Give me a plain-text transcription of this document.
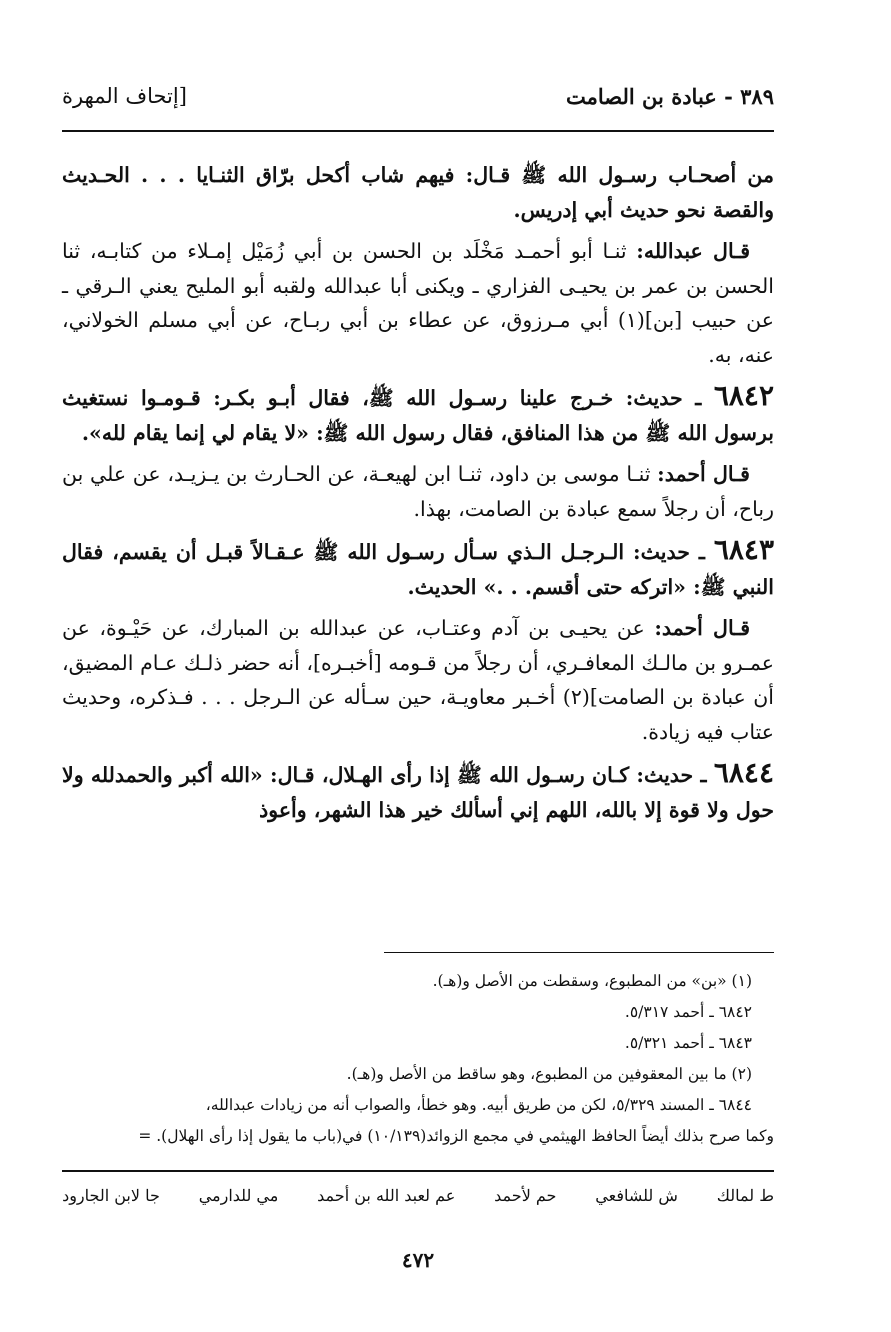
٣٨٩ - عبادة بن الصامت
[إتحاف المهرة

من أصحـاب رسـول الله ﷺ قـال: فيهم شاب أكحل برّاق الثنـايا . . . الحـديث والقصة نحو حديث أبي إدريس.

قـال عبدالله: ثنـا أبو أحمـد مَخْلَد بن الحسن بن أبي زُمَيْل إمـلاء من كتابـه، ثنا الحسن بن عمر بن يحيـى الفزاري ـ ويكنى أبا عبدالله ولقبه أبو المليح يعني الـرقي ـ عن حبيب [بن](١) أبي مـرزوق، عن عطاء بن أبي ربـاح، عن أبي مسلم الخولاني، عنه، به.

٦٨٤٢ ـ حديث: خـرج علينا رسـول الله ﷺ، فقال أبـو بكـر: قـومـوا نستغيث برسول الله ﷺ من هذا المنافق، فقال رسول الله ﷺ: «لا يقام لي إنما يقام لله».

قـال أحمد: ثنـا موسى بن داود، ثنـا ابن لهيعـة، عن الحـارث بن يـزيـد، عن علي بن رباح، أن رجلاً سمع عبادة بن الصامت، بهذا.

٦٨٤٣ ـ حديث: الـرجـل الـذي سـأل رسـول الله ﷺ عـقـالاً قبـل أن يقسم، فقال النبي ﷺ: «اتركه حتى أقسم. . .» الحديث.

قـال أحمد: عن يحيـى بن آدم وعتـاب، عن عبدالله بن المبارك، عن حَيْـوة، عن عمـرو بن مالـك المعافـري، أن رجلاً من قـومه [أخبـره]، أنه حضر ذلـك عـام المضيق، أن عبادة بن الصامت](٢) أخـبر معاويـة، حين سـأله عن الـرجل . . . فـذكره، وحديث عتاب فيه زيادة.

٦٨٤٤ ـ حديث: كـان رسـول الله ﷺ إذا رأى الهـلال، قـال: «الله أكبر والحمدلله ولا حول ولا قوة إلا بالله، اللهم إني أسألك خير هذا الشهر، وأعوذ

(١) «بن» من المطبوع، وسقطت من الأصل و(هـ).
٦٨٤٢ ـ أحمد ٥/٣١٧.
٦٨٤٣ ـ أحمد ٥/٣٢١.
(٢) ما بين المعقوفين من المطبوع، وهو ساقط من الأصل و(هـ).
٦٨٤٤ ـ المسند ٥/٣٢٩، لكن من طريق أبيه. وهو خطأ، والصواب أنه من زيادات عبدالله،
وكما صرح بذلك أيضاً الحافظ الهيثمي في مجمع الزوائد(١٠/١٣٩) في(باب ما يقول إذا رأى الهلال). =
ط لمالك
ش للشافعي
حم لأحمد
عم لعبد الله بن أحمد
مي للدارمي
جا لابن الجارود
٤٧٢
